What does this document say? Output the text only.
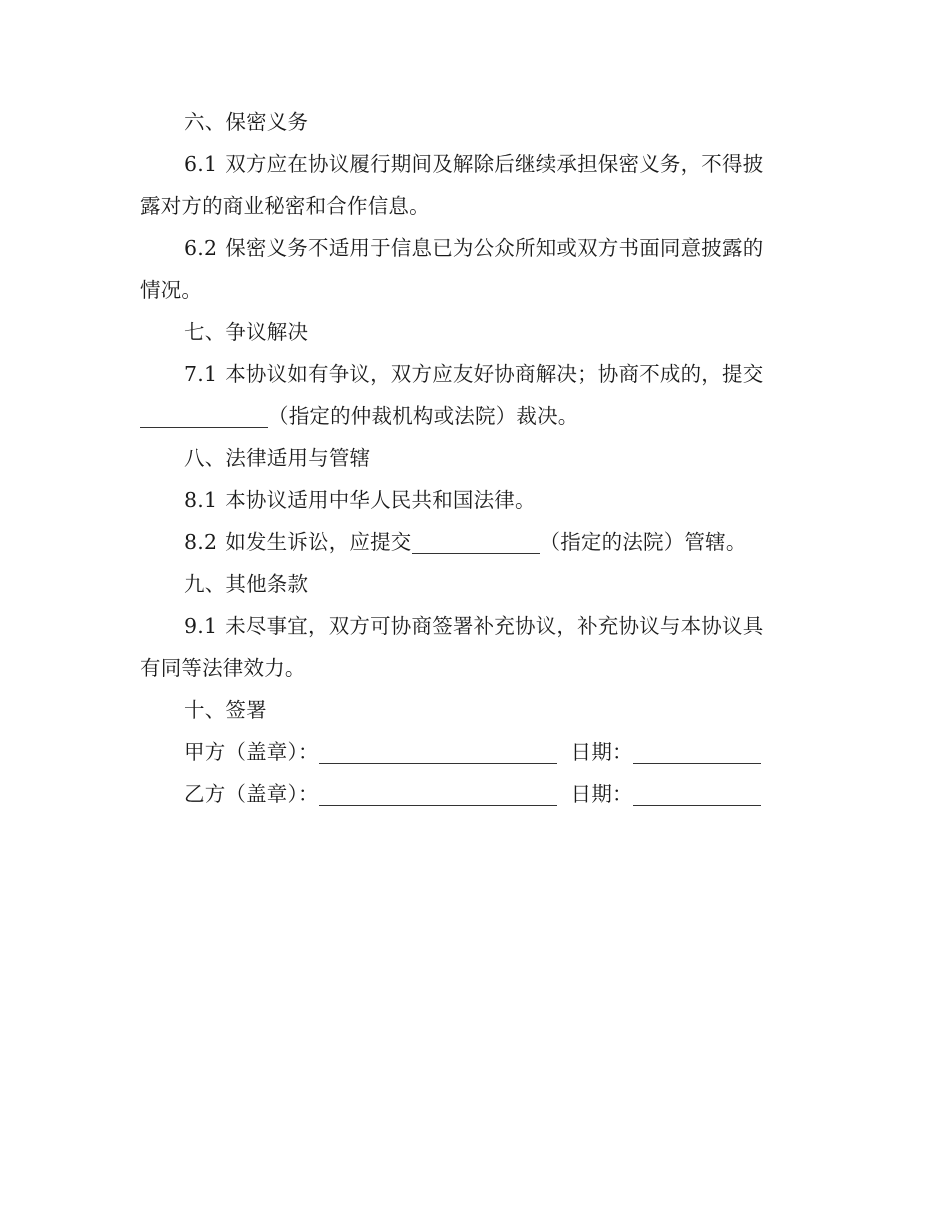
六、保密义务
6.1 双方应在协议履行期间及解除后继续承担保密义务，不得披
露对方的商业秘密和合作信息。
6.2 保密义务不适用于信息已为公众所知或双方书面同意披露的
情况。
七、争议解决
7.1 本协议如有争议，双方应友好协商解决；协商不成的，提交
（指定的仲裁机构或法院）裁决。
八、法律适用与管辖
8.1 本协议适用中华人民共和国法律。
8.2 如发生诉讼，应提交	（指定的法院）管辖。
九、其他条款
9.1 未尽事宜，双方可协商签署补充协议，补充协议与本协议具
有同等法律效力。
十、签署
甲方（盖章）：	日期：
乙方（盖章）：	日期：
